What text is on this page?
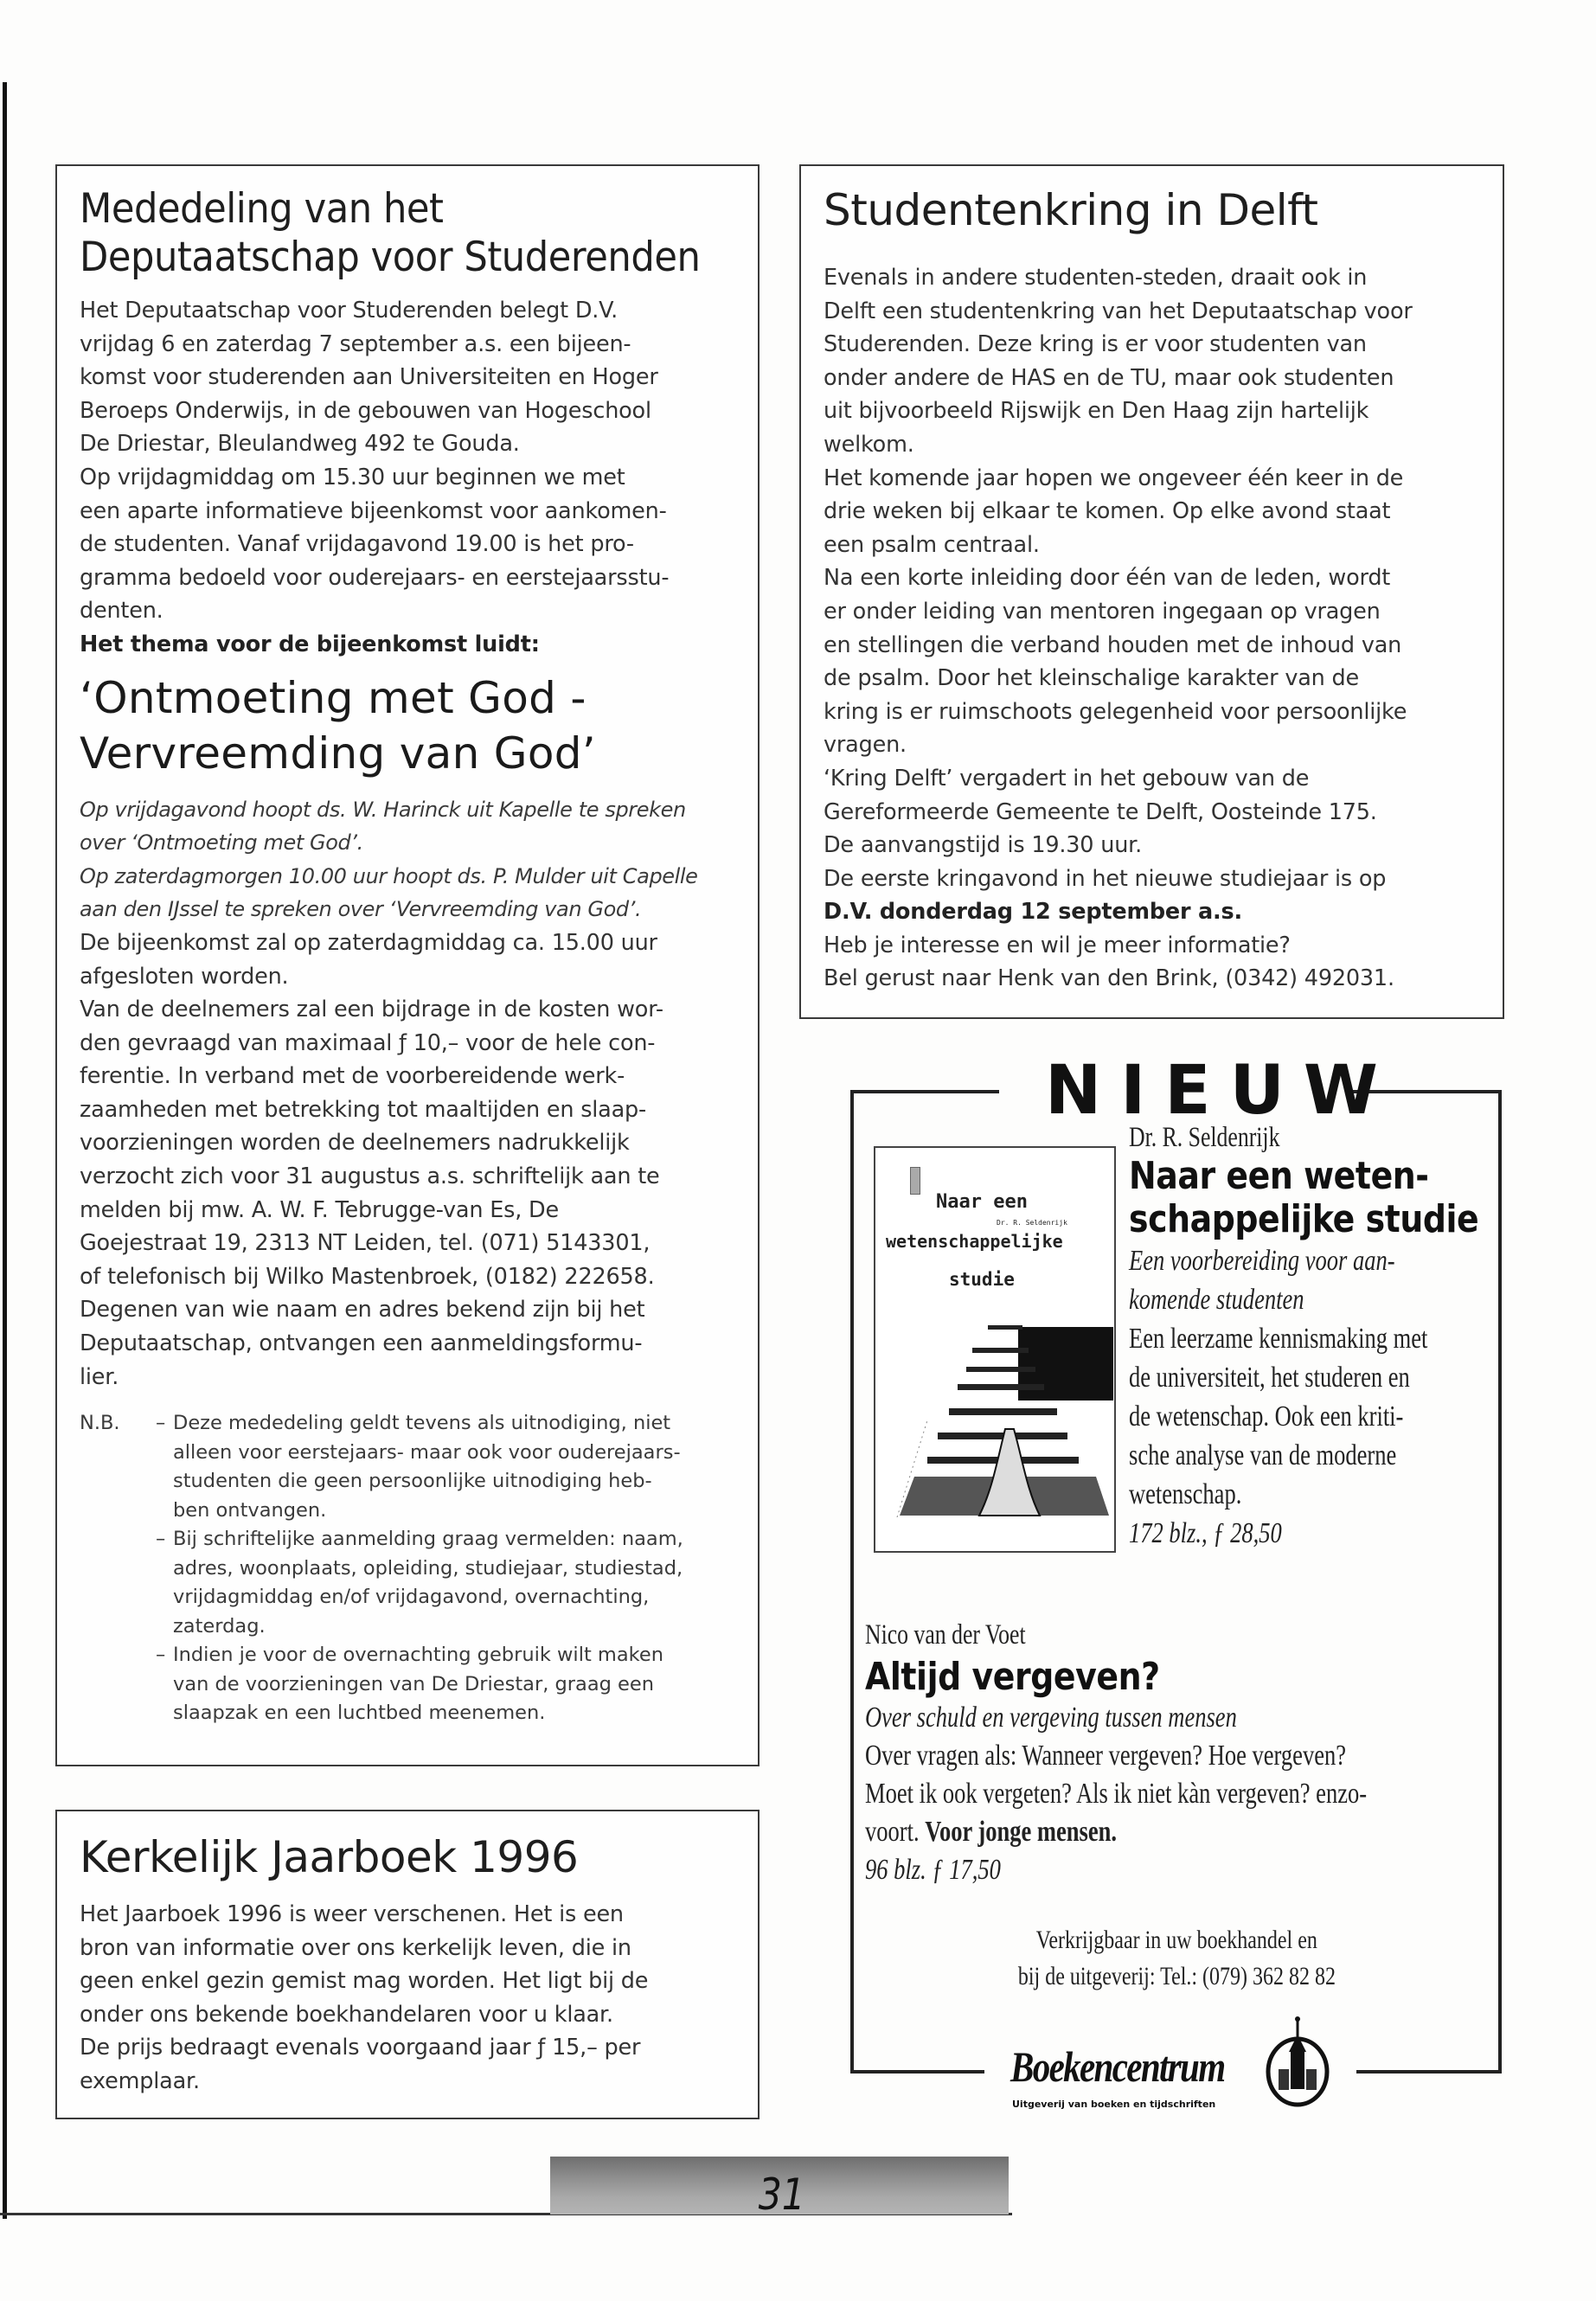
Mededeling van het
Deputaatschap voor Studerenden

Het Deputaatschap voor Studerenden belegt D.V.

vrijdag 6 en zaterdag 7 september a.s. een bijeen-

komst voor studerenden aan Universiteiten en Hoger

Beroeps Onderwijs, in de gebouwen van Hogeschool

De Driestar, Bleulandweg 492 te Gouda.

Op vrijdagmiddag om 15.30 uur beginnen we met

een aparte informatieve bijeenkomst voor aankomen-

de studenten. Vanaf vrijdagavond 19.00 is het pro-

gramma bedoeld voor ouderejaars- en eerstejaarsstu-

denten.

Het thema voor de bijeenkomst luidt:

‘Ontmoeting met God -
Vervreemding van God’
Op vrijdagavond hoopt ds. W. Harinck uit Kapelle te spreken
over ‘Ontmoeting met God’.
Op zaterdagmorgen 10.00 uur hoopt ds. P. Mulder uit Capelle
aan den IJssel te spreken over ‘Vervreemding van God’.

De bijeenkomst zal op zaterdagmiddag ca. 15.00 uur

afgesloten worden.

Van de deelnemers zal een bijdrage in de kosten wor-

den gevraagd van maximaal ƒ 10,– voor de hele con-

ferentie. In verband met de voorbereidende werk-

zaamheden met betrekking tot maaltijden en slaap-

voorzieningen worden de deelnemers nadrukkelijk

verzocht zich voor 31 augustus a.s. schriftelijk aan te

melden bij mw. A. W. F. Tebrugge-van Es, De

Goejestraat 19, 2313 NT Leiden, tel. (071) 5143301,

of telefonisch bij Wilko Mastenbroek, (0182) 222658.

Degenen van wie naam en adres bekend zijn bij het

Deputaatschap, ontvangen een aanmeldingsformu-

lier.

N.B.	– Deze mededeling geldt tevens als uitnodiging, niet
alleen voor eerstejaars- maar ook voor ouderejaars-
studenten die geen persoonlijke uitnodiging heb-
ben ontvangen.
– Bij schriftelijke aanmelding graag vermelden: naam,
adres, woonplaats, opleiding, studiejaar, studiestad,
vrijdagmiddag en/of vrijdagavond, overnachting,
zaterdag.
– Indien je voor de overnachting gebruik wilt maken
van de voorzieningen van De Driestar, graag een
slaapzak en een luchtbed meenemen.
Kerkelijk Jaarboek 1996

Het Jaarboek 1996 is weer verschenen. Het is een

bron van informatie over ons kerkelijk leven, die in

geen enkel gezin gemist mag worden. Het ligt bij de

onder ons bekende boekhandelaren voor u klaar.

De prijs bedraagt evenals voorgaand jaar ƒ 15,– per

exemplaar.

Studentenkring in Delft

Evenals in andere studenten-steden, draait ook in

Delft een studentenkring van het Deputaatschap voor

Studerenden. Deze kring is er voor studenten van

onder andere de HAS en de TU, maar ook studenten

uit bijvoorbeeld Rijswijk en Den Haag zijn hartelijk

welkom.

Het komende jaar hopen we ongeveer één keer in de

drie weken bij elkaar te komen. Op elke avond staat

een psalm centraal.

Na een korte inleiding door één van de leden, wordt

er onder leiding van mentoren ingegaan op vragen

en stellingen die verband houden met de inhoud van

de psalm. Door het kleinschalige karakter van de

kring is er ruimschoots gelegenheid voor persoonlijke

vragen.

‘Kring Delft’ vergadert in het gebouw van de

Gereformeerde Gemeente te Delft, Oosteinde 175.

De aanvangstijd is 19.30 uur.

De eerste kringavond in het nieuwe studiejaar is op

D.V. donderdag 12 september a.s.

Heb je interesse en wil je meer informatie?

Bel gerust naar Henk van den Brink, (0342) 492031.

NIEUW
Naar een
Dr. R. Seldenrijk
wetenschappelijke
studie
Dr. R. Seldenrijk
Naar een weten-
schappelijke studie
Een voorbereiding voor aan-
komende studenten
Een leerzame kennismaking met
de universiteit, het studeren en
de wetenschap. Ook een kriti-
sche analyse van de moderne
wetenschap.
172 blz., ƒ 28,50
Nico van der Voet
Altijd vergeven?
Over schuld en vergeving tussen mensen
Over vragen als: Wanneer vergeven? Hoe vergeven?
Moet ik ook vergeten? Als ik niet kàn vergeven? enzo-
voort. Voor jonge mensen.
96 blz. ƒ 17,50
Verkrijgbaar in uw boekhandel en
bij de uitgeverij: Tel.: (079) 362 82 82
Boekencentrum
Uitgeverij van boeken en tijdschriften
31
